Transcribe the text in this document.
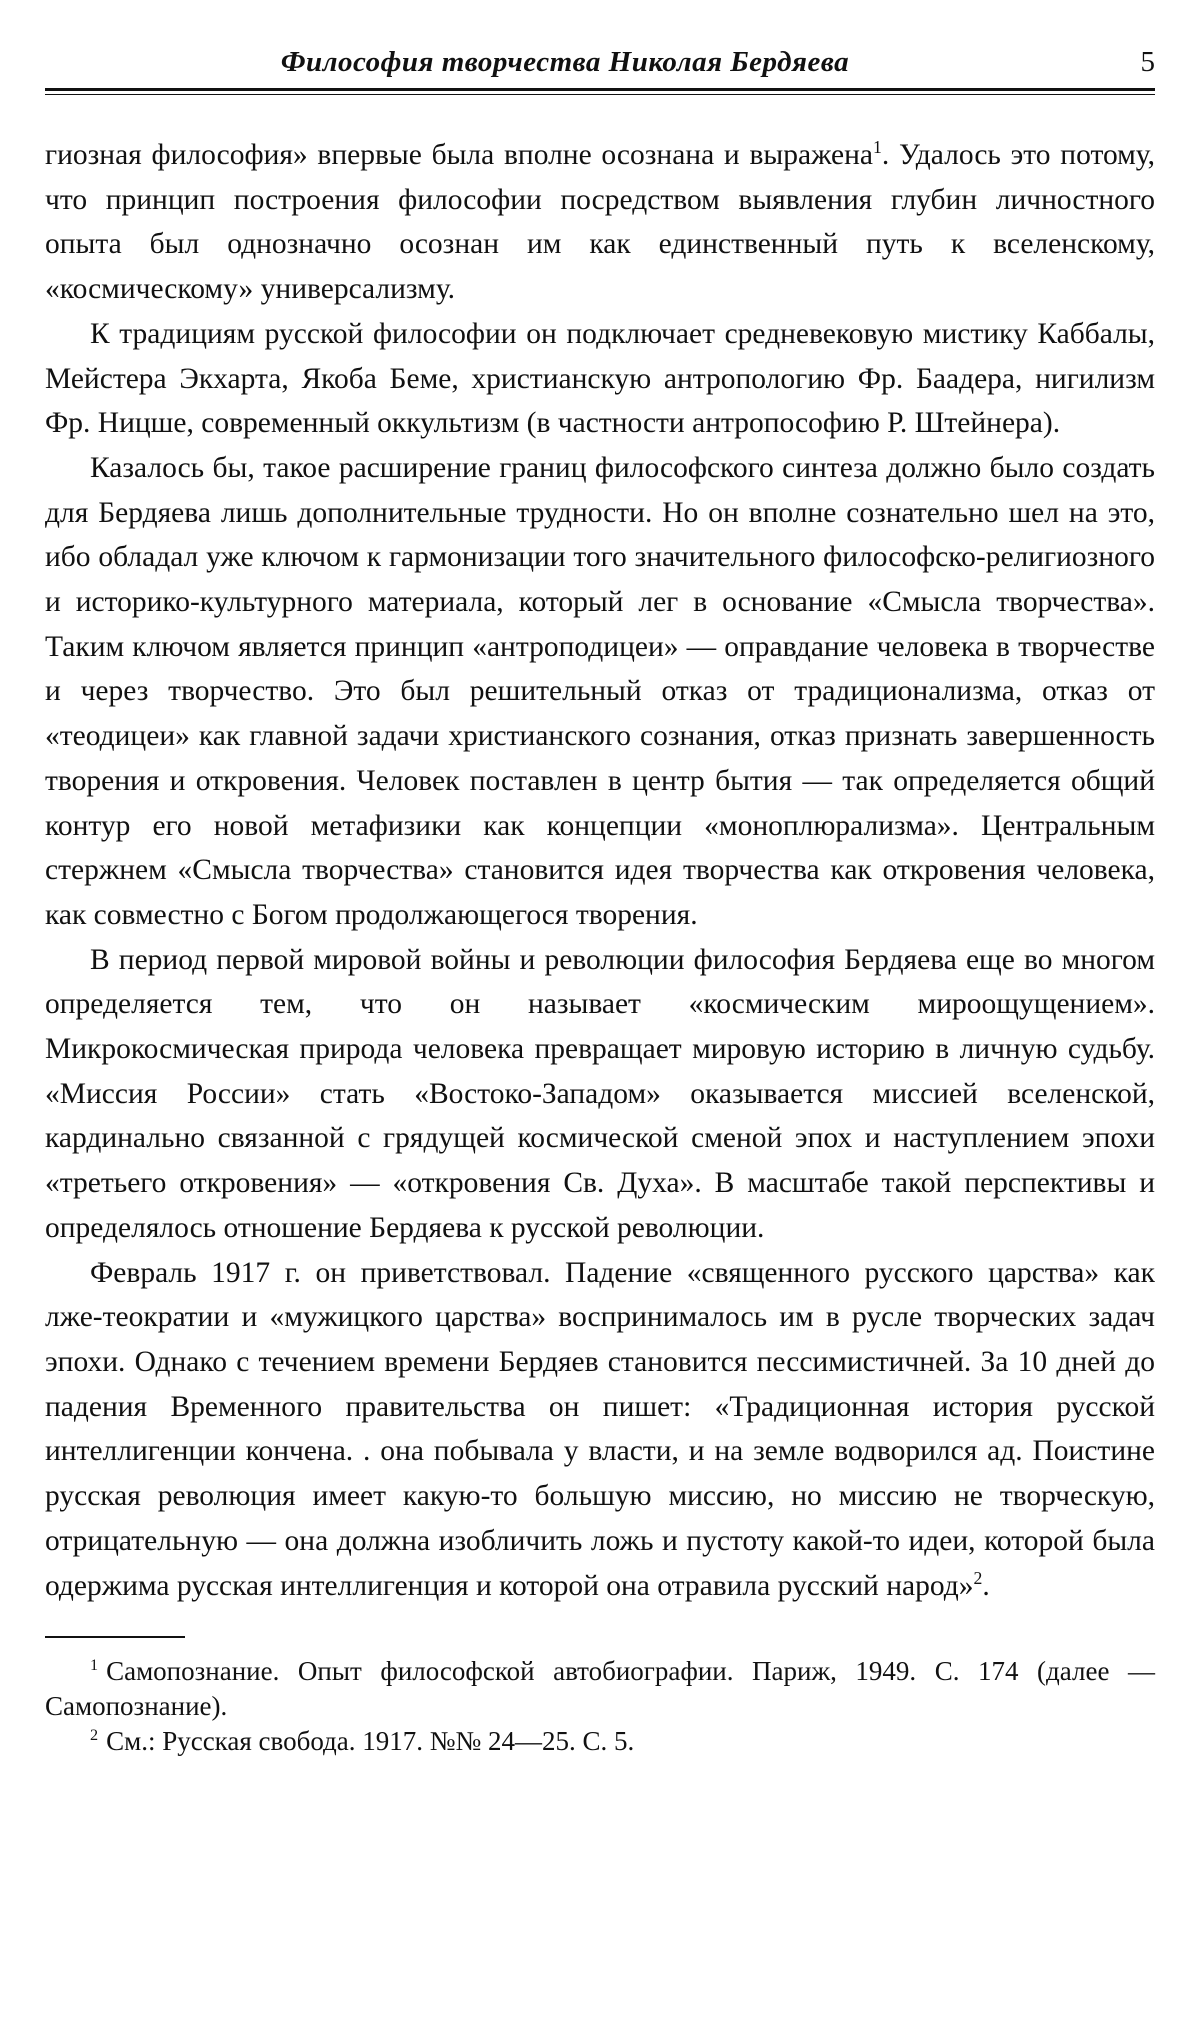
Философия творчества Николая Бердяева	5

гиозная философия» впервые была вполне осознана и выражена$^1$. Удалось это потому, что принцип построения философии посредством выявления глубин личностного опыта был однозначно осознан им как единственный путь к вселенскому, «космическому» универсализму.

К традициям русской философии он подключает средневековую мистику Каббалы, Мейстера Экхарта, Якоба Беме, христианскую антропологию Фр. Баадера, нигилизм Фр. Ницше, современный оккультизм (в частности антропософию Р. Штейнера).

Казалось бы, такое расширение границ философского синтеза должно было создать для Бердяева лишь дополнительные трудности. Но он вполне сознательно шел на это, ибо обладал уже ключом к гармонизации того значительного философско-религиозного и историко-культурного материала, который лег в основание «Смысла творчества». Таким ключом является принцип «антроподицеи» — оправдание человека в творчестве и через творчество. Это был решительный отказ от традиционализма, отказ от «теодицеи» как главной задачи христианского сознания, отказ признать завершенность творения и откровения. Человек поставлен в центр бытия — так определяется общий контур его новой метафизики как концепции «моноплюрализма». Центральным стержнем «Смысла творчества» становится идея творчества как откровения человека, как совместно с Богом продолжающегося творения.

В период первой мировой войны и революции философия Бердяева еще во многом определяется тем, что он называет «космическим мироощущением». Микрокосмическая природа человека превращает мировую историю в личную судьбу. «Миссия России» стать «Востоко-Западом» оказывается миссией вселенской, кардинально связанной с грядущей космической сменой эпох и наступлением эпохи «третьего откровения» — «откровения Св. Духа». В масштабе такой перспективы и определялось отношение Бердяева к русской революции.

Февраль 1917 г. он приветствовал. Падение «священного русского царства» как лже-теократии и «мужицкого царства» воспринималось им в русле творческих задач эпохи. Однако с течением времени Бердяев становится пессимистичней. За 10 дней до падения Временного правительства он пишет: «Традиционная история русской интеллигенции кончена. . она побывала у власти, и на земле водворился ад. Поистине русская революция имеет какую-то большую миссию, но миссию не творческую, отрицательную — она должна изобличить ложь и пустоту какой-то идеи, которой была одержима русская интеллигенция и которой она отравила русский народ»$^2$.

$^1$ Самопознание. Опыт философской автобиографии. Париж, 1949. С. 174 (далее — Самопознание).

$^2$ См.: Русская свобода. 1917. №№ 24—25. С. 5.
